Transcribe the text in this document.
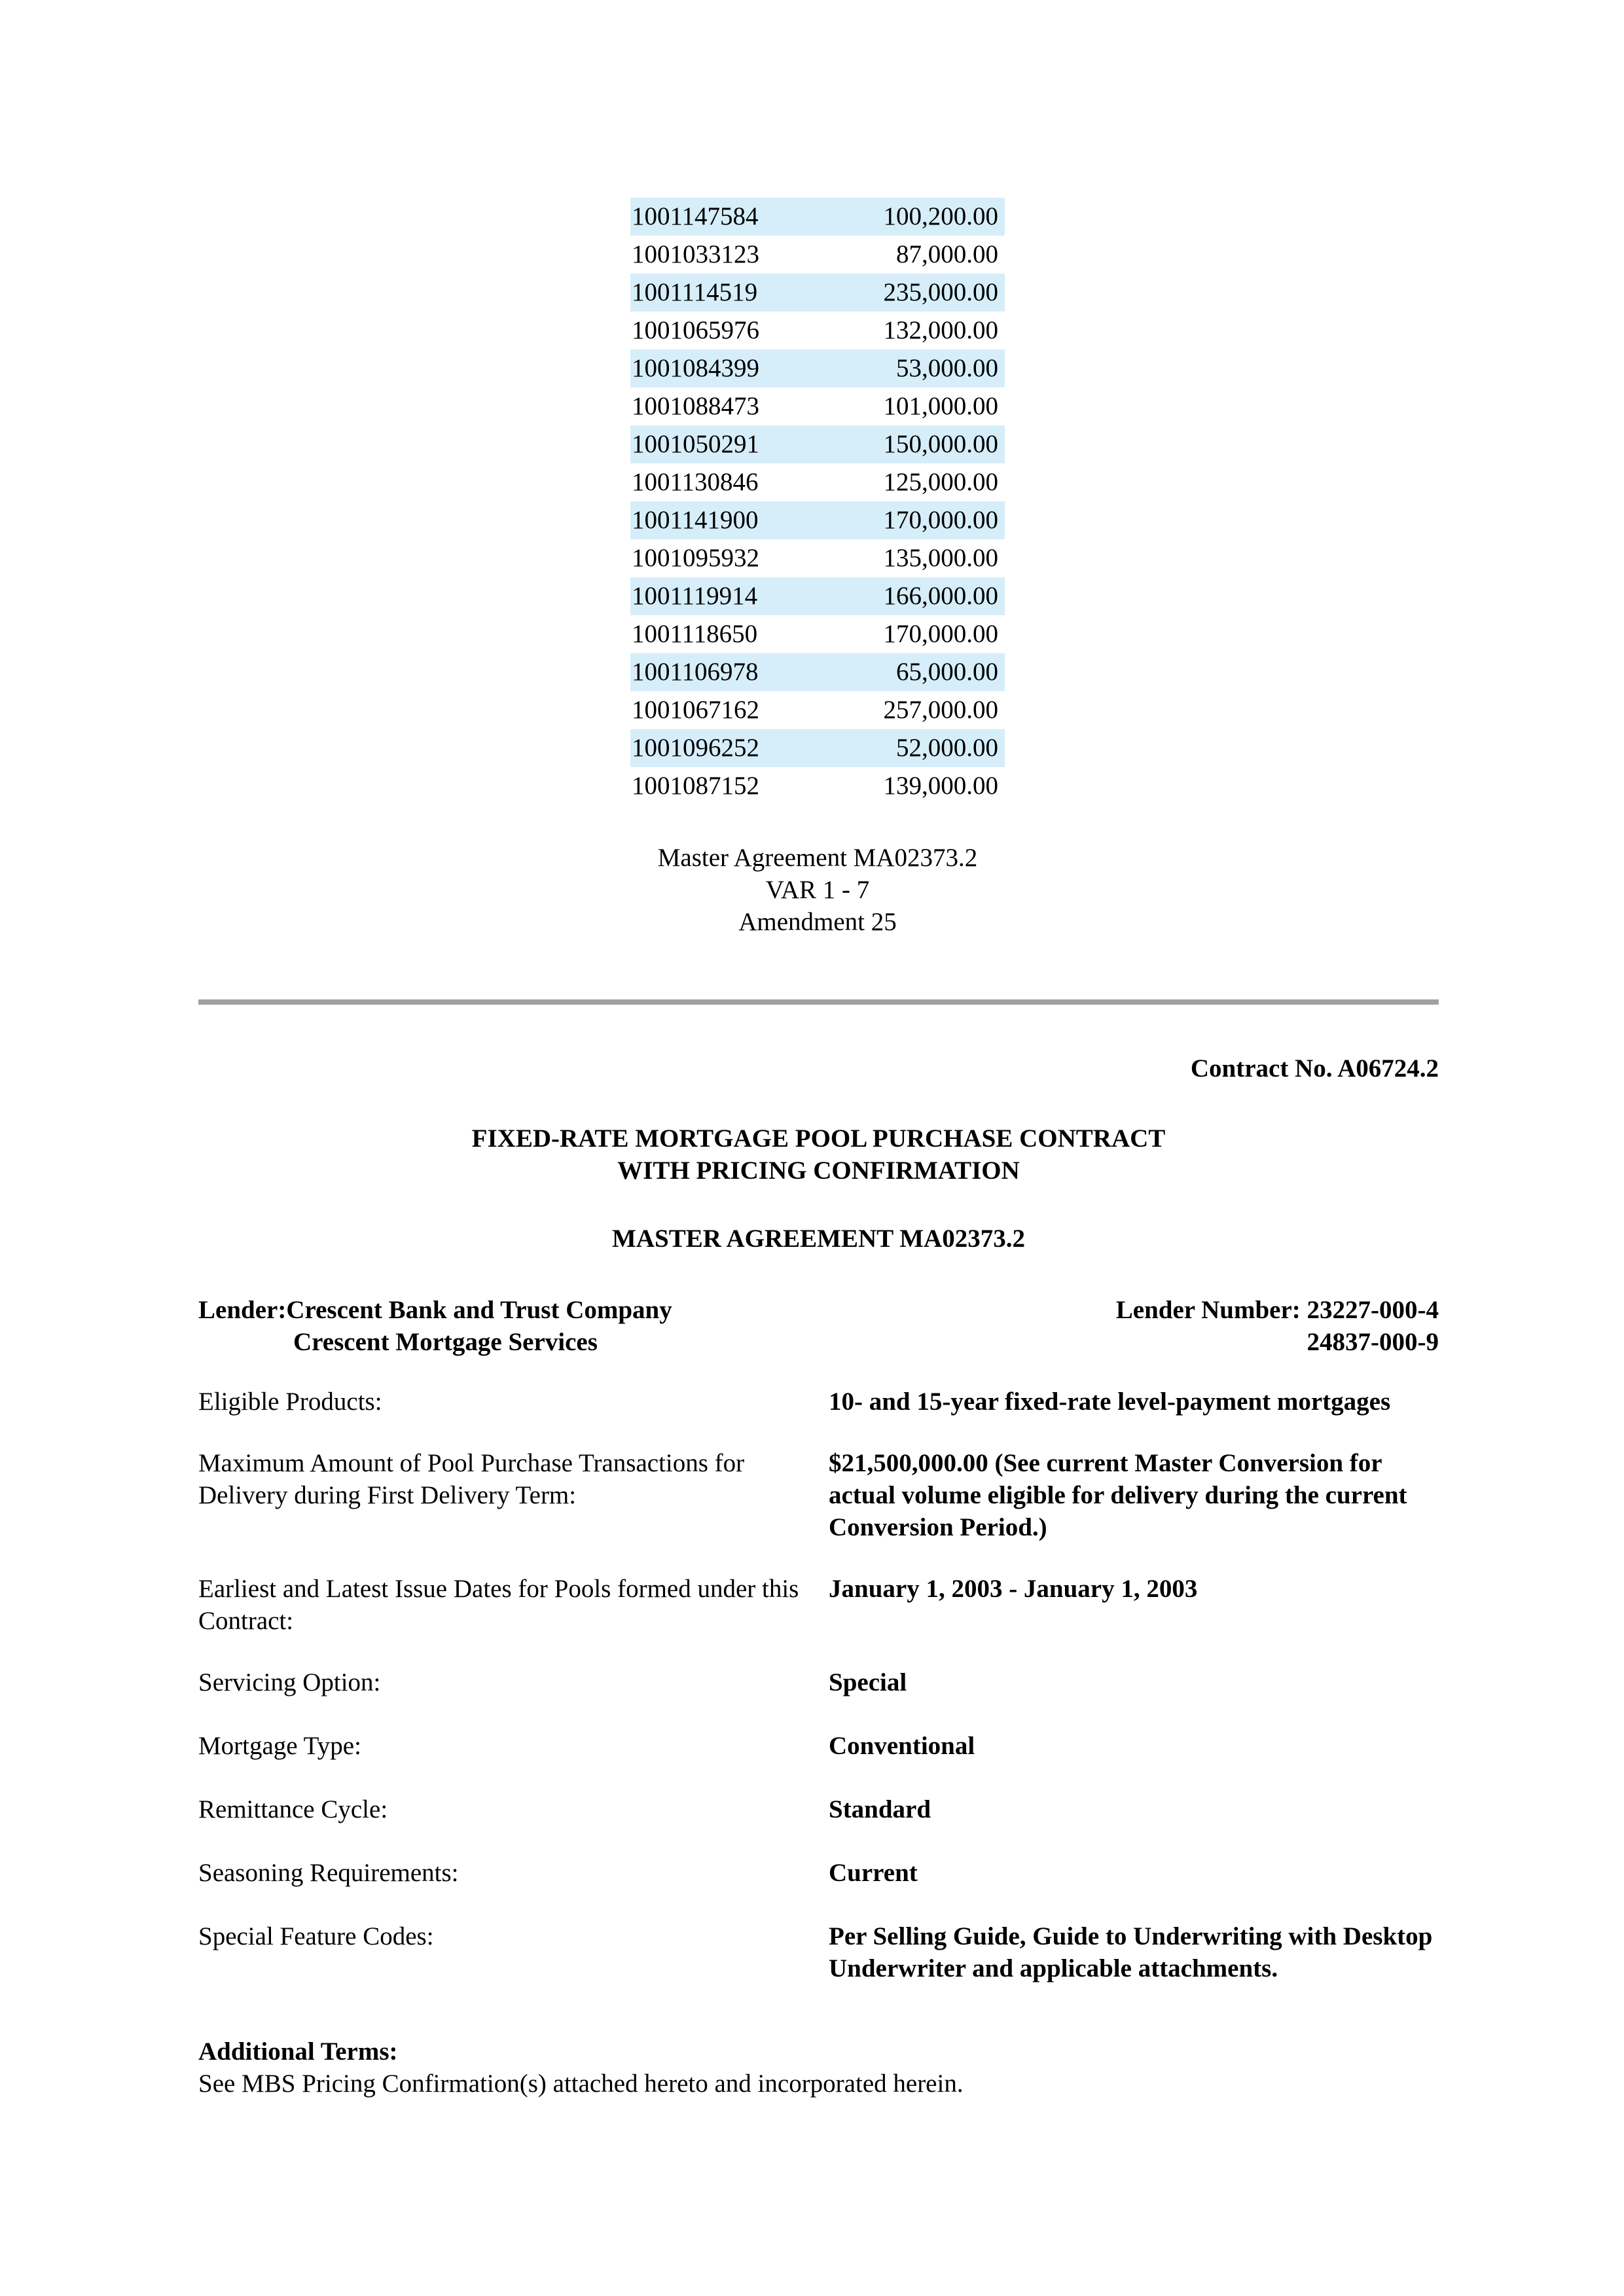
1001147584	100,200.00
1001033123	87,000.00
1001114519	235,000.00
1001065976	132,000.00
1001084399	53,000.00
1001088473	101,000.00
1001050291	150,000.00
1001130846	125,000.00
1001141900	170,000.00
1001095932	135,000.00
1001119914	166,000.00
1001118650	170,000.00
1001106978	65,000.00
1001067162	257,000.00
1001096252	52,000.00
1001087152	139,000.00
Master Agreement MA02373.2
VAR 1 - 7
Amendment 25
Contract No. A06724.2
FIXED-RATE MORTGAGE POOL PURCHASE CONTRACT
WITH PRICING CONFIRMATION
MASTER AGREEMENT MA02373.2
Lender:Crescent Bank and Trust Company
Crescent Mortgage Services
Lender Number: 23227-000-4
24837-000-9
Eligible Products:	10- and 15-year fixed-rate level-payment mortgages
Maximum Amount of Pool Purchase Transactions for Delivery during First Delivery Term:
$21,500,000.00 (See current Master Conversion for actual volume eligible for delivery during the current Conversion Period.)
Earliest and Latest Issue Dates for Pools formed under this Contract:
January 1, 2003 - January 1, 2003
Servicing Option:	Special
Mortgage Type:	Conventional
Remittance Cycle:	Standard
Seasoning Requirements:	Current
Special Feature Codes:	Per Selling Guide, Guide to Underwriting with Desktop Underwriter and applicable attachments.
Additional Terms:
See MBS Pricing Confirmation(s) attached hereto and incorporated herein.
